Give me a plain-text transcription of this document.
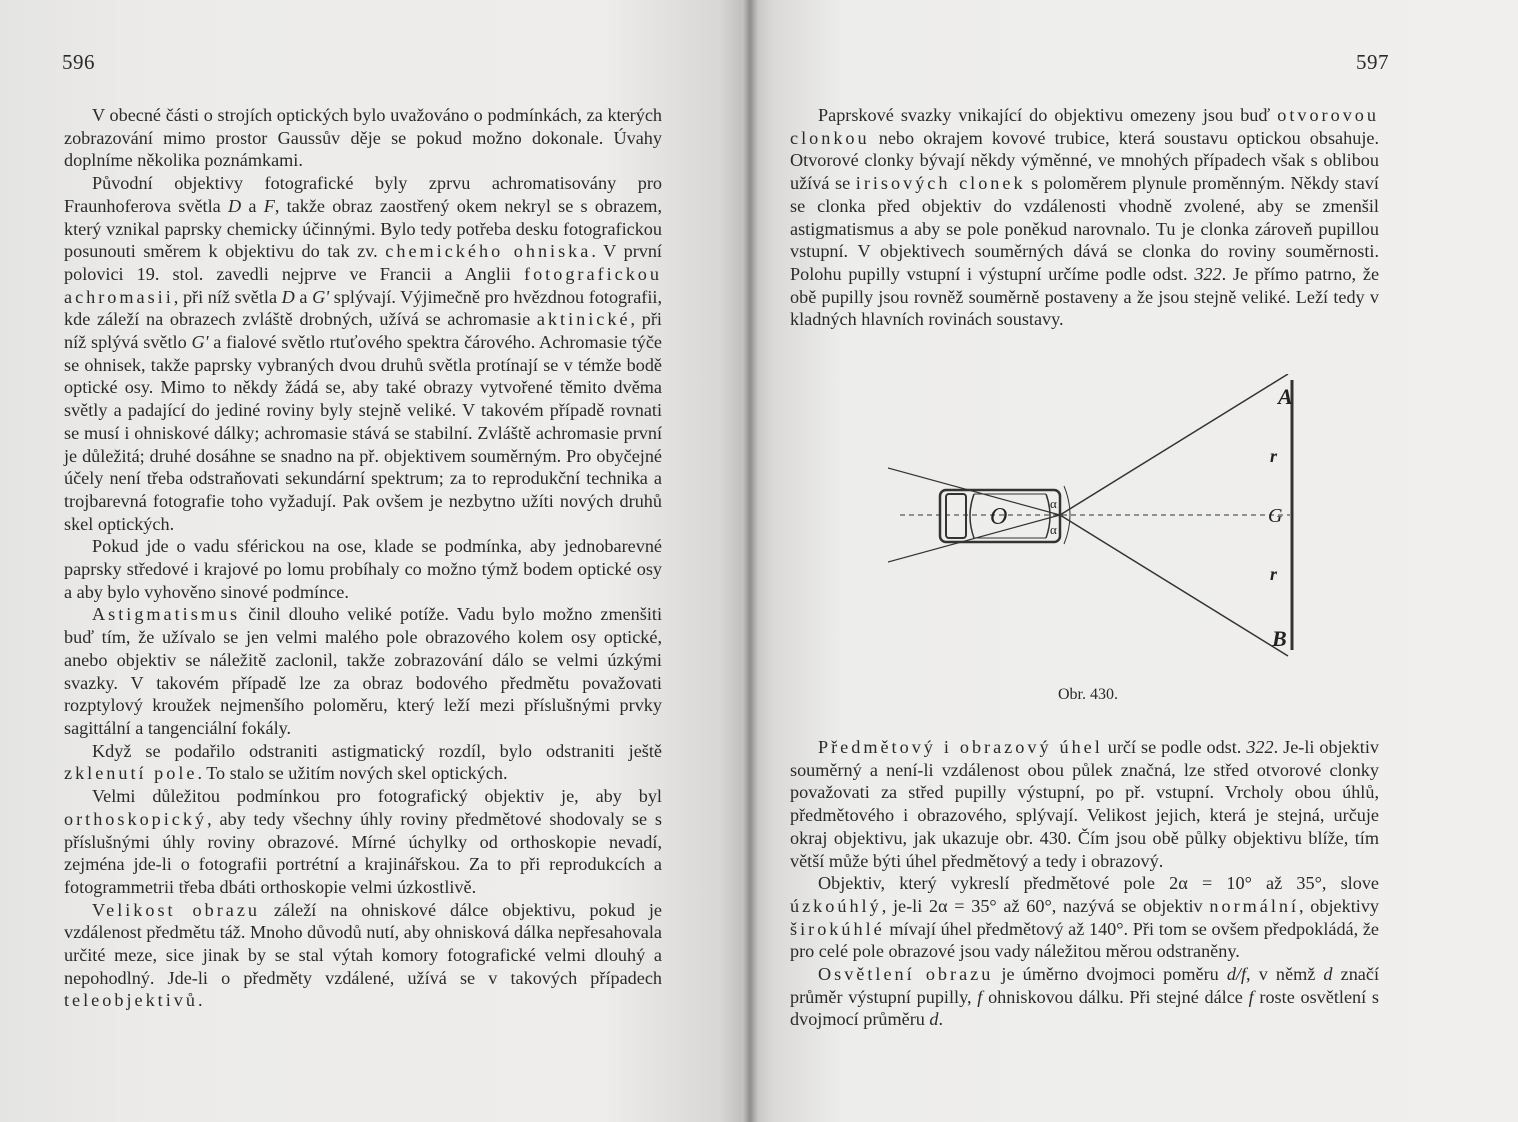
596

V obecné části o strojích optických bylo uvažováno o podmínkách, za kterých zobrazování mimo prostor Gaussův děje se pokud možno dokonale. Úvahy doplníme několika poznámkami.

Původní objektivy fotografické byly zprvu achromatisovány pro Fraunhoferova světla D a F, takže obraz zaostřený okem nekryl se s obrazem, který vznikal paprsky chemicky účinnými. Bylo tedy potřeba desku fotografickou posunouti směrem k objektivu do tak zv. chemického ohniska. V první polovici 19. stol. zavedli nejprve ve Francii a Anglii fotografickou achromasii, při níž světla D a G' splývají. Výjimečně pro hvězdnou fotografii, kde záleží na obrazech zvláště drobných, užívá se achromasie aktinické, při níž splývá světlo G' a fialové světlo rtuťového spektra čárového. Achromasie týče se ohnisek, takže paprsky vybraných dvou druhů světla protínají se v témže bodě optické osy. Mimo to někdy žádá se, aby také obrazy vytvořené těmito dvěma světly a padající do jediné roviny byly stejně veliké. V takovém případě rovnati se musí i ohniskové dálky; achromasie stává se stabilní. Zvláště achromasie první je důležitá; druhé dosáhne se snadno na př. objektivem souměrným. Pro obyčejné účely není třeba odstraňovati sekundární spektrum; za to reprodukční technika a trojbarevná fotografie toho vyžadují. Pak ovšem je nezbytno užíti nových druhů skel optických.

Pokud jde o vadu sférickou na ose, klade se podmínka, aby jednobarevné paprsky středové i krajové po lomu probíhaly co možno týmž bodem optické osy a aby bylo vyhověno sinové podmínce.

Astigmatismus činil dlouho veliké potíže. Vadu bylo možno zmenšiti buď tím, že užívalo se jen velmi malého pole obrazového kolem osy optické, anebo objektiv se náležitě zaclonil, takže zobrazování dálo se velmi úzkými svazky. V takovém případě lze za obraz bodového předmětu považovati rozptylový kroužek nejmenšího poloměru, který leží mezi příslušnými prvky sagittální a tangenciální fokály.

Když se podařilo odstraniti astigmatický rozdíl, bylo odstraniti ještě zklenutí pole. To stalo se užitím nových skel optických.

Velmi důležitou podmínkou pro fotografický objektiv je, aby byl orthoskopický, aby tedy všechny úhly roviny předmětové shodovaly se s příslušnými úhly roviny obrazové. Mírné úchylky od orthoskopie nevadí, zejména jde-li o fotografii portrétní a krajinářskou. Za to při reprodukcích a fotogrammetrii třeba dbáti orthoskopie velmi úzkostlivě.

Velikost obrazu záleží na ohniskové dálce objektivu, pokud je vzdálenost předmětu táž. Mnoho důvodů nutí, aby ohnisková dálka nepřesahovala určité meze, sice jinak by se stal výtah komory fotografické velmi dlouhý a nepohodlný. Jde-li o předměty vzdálené, užívá se v takových případech teleobjektivů.

597

Paprskové svazky vnikající do objektivu omezeny jsou buď otvorovou clonkou nebo okrajem kovové trubice, která soustavu optickou obsahuje. Otvorové clonky bývají někdy výměnné, ve mnohých případech však s oblibou užívá se irisových clonek s poloměrem plynule proměnným. Někdy staví se clonka před objektiv do vzdálenosti vhodně zvolené, aby se zmenšil astigmatismus a aby se pole poněkud narovnalo. Tu je clonka zároveň pupillou vstupní. V objektivech souměrných dává se clonka do roviny souměrnosti. Polohu pupilly vstupní i výstupní určíme podle odst. 322. Je přímo patrno, že obě pupilly jsou rovněž souměrně postaveny a že jsou stejně veliké. Leží tedy v kladných hlavních rovinách soustavy.

A
r
G
r
B
O
α
α
Obr. 430.

Předmětový i obrazový úhel určí se podle odst. 322. Je-li objektiv souměrný a není-li vzdálenost obou půlek značná, lze střed otvorové clonky považovati za střed pupilly výstupní, po př. vstupní. Vrcholy obou úhlů, předmětového i obrazového, splývají. Velikost jejich, která je stejná, určuje okraj objektivu, jak ukazuje obr. 430. Čím jsou obě půlky objektivu blíže, tím větší může býti úhel předmětový a tedy i obrazový.

Objektiv, který vykreslí předmětové pole 2α = 10° až 35°, slove úzkoúhlý, je-li 2α = 35° až 60°, nazývá se objektiv normální, objektivy širokúhlé mívají úhel předmětový až 140°. Při tom se ovšem předpokládá, že pro celé pole obrazové jsou vady náležitou měrou odstraněny.

Osvětlení obrazu je úměrno dvojmoci poměru d/f, v němž d značí průměr výstupní pupilly, f ohniskovou dálku. Při stejné dálce f roste osvětlení s dvojmocí průměru d.
